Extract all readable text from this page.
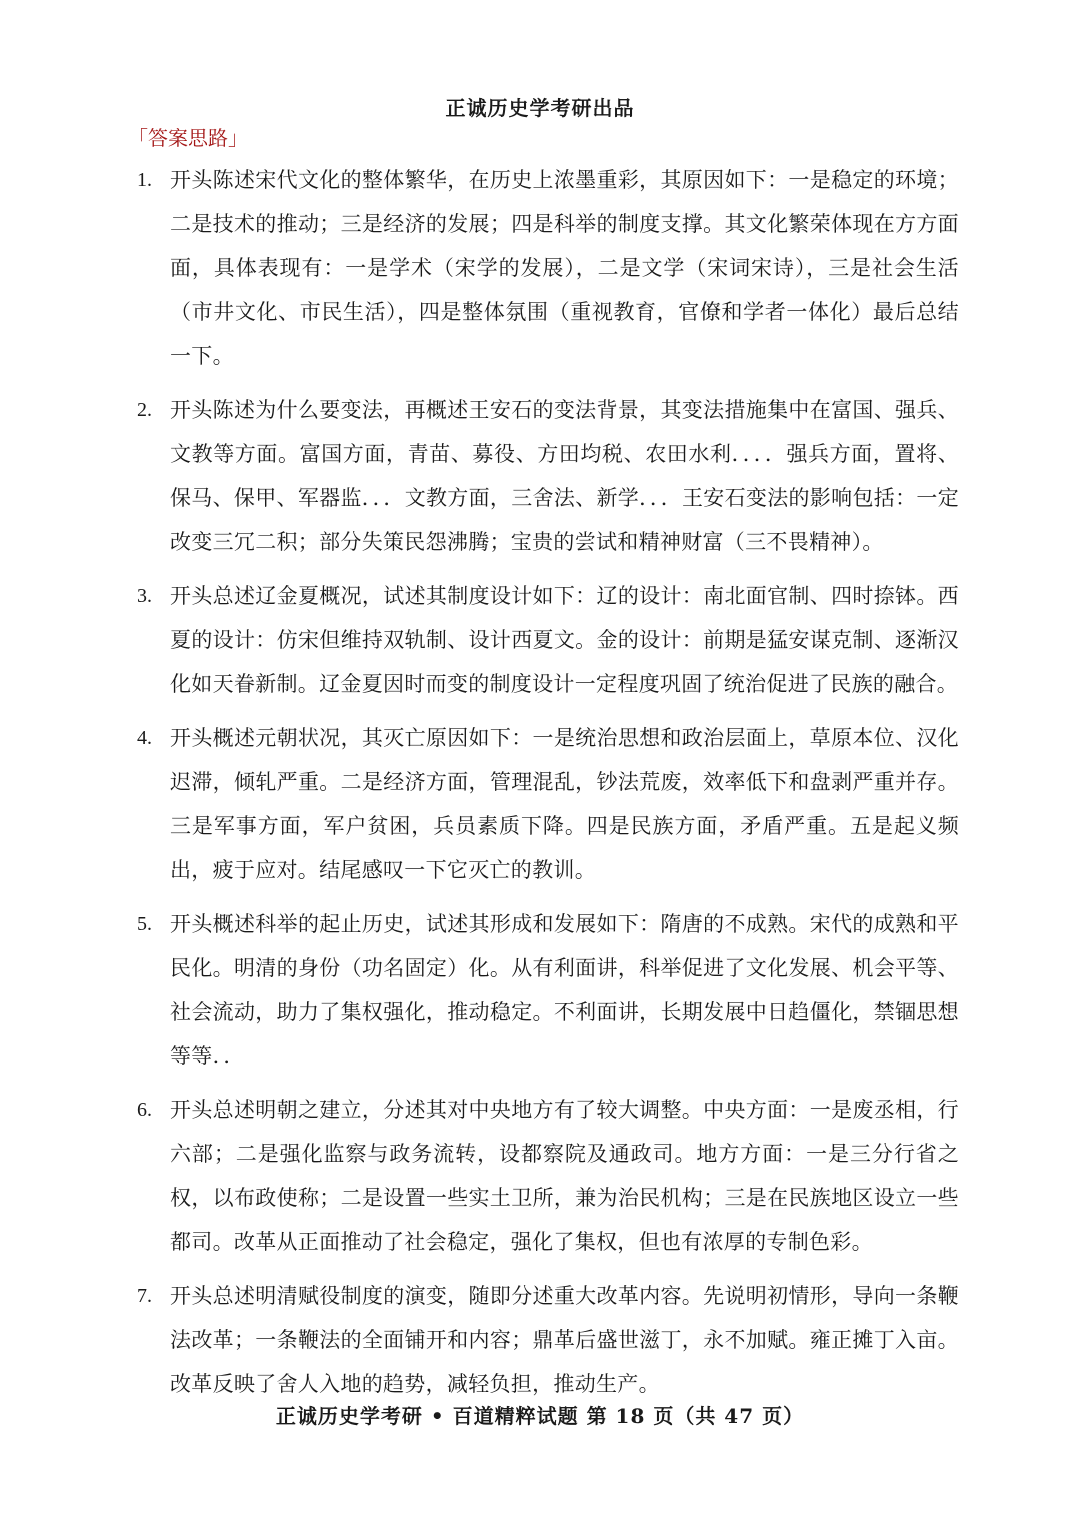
正诚历史学考研出品
「答案思路」
1. 开头陈述宋代文化的整体繁华，在历史上浓墨重彩，其原因如下：一是稳定的环境；二是技术的推动；三是经济的发展；四是科举的制度支撑。其文化繁荣体现在方方面面，具体表现有：一是学术（宋学的发展），二是文学（宋词宋诗），三是社会生活（市井文化、市民生活），四是整体氛围（重视教育，官僚和学者一体化）最后总结一下。
2. 开头陈述为什么要变法，再概述王安石的变法背景，其变法措施集中在富国、强兵、文教等方面。富国方面，青苗、募役、方田均税、农田水利．．．．强兵方面，置将、保马、保甲、军器监．．．文教方面，三舍法、新学．．．王安石变法的影响包括：一定改变三冗二积；部分失策民怨沸腾；宝贵的尝试和精神财富（三不畏精神）。
3. 开头总述辽金夏概况，试述其制度设计如下：辽的设计：南北面官制、四时捺钵。西夏的设计：仿宋但维持双轨制、设计西夏文。金的设计：前期是猛安谋克制、逐渐汉化如天眷新制。辽金夏因时而变的制度设计一定程度巩固了统治促进了民族的融合。
4. 开头概述元朝状况，其灭亡原因如下：一是统治思想和政治层面上，草原本位、汉化迟滞，倾轧严重。二是经济方面，管理混乱，钞法荒废，效率低下和盘剥严重并存。三是军事方面，军户贫困，兵员素质下降。四是民族方面，矛盾严重。五是起义频出，疲于应对。结尾感叹一下它灭亡的教训。
5. 开头概述科举的起止历史，试述其形成和发展如下：隋唐的不成熟。宋代的成熟和平民化。明清的身份（功名固定）化。从有利面讲，科举促进了文化发展、机会平等、社会流动，助力了集权强化，推动稳定。不利面讲，长期发展中日趋僵化，禁锢思想等等．．
6. 开头总述明朝之建立，分述其对中央地方有了较大调整。中央方面：一是废丞相，行六部；二是强化监察与政务流转，设都察院及通政司。地方方面：一是三分行省之权，以布政使称；二是设置一些实土卫所，兼为治民机构；三是在民族地区设立一些都司。改革从正面推动了社会稳定，强化了集权，但也有浓厚的专制色彩。
7. 开头总述明清赋役制度的演变，随即分述重大改革内容。先说明初情形，导向一条鞭法改革；一条鞭法的全面铺开和内容；鼎革后盛世滋丁，永不加赋。雍正摊丁入亩。改革反映了舍人入地的趋势，减轻负担，推动生产。
正诚历史学考研 • 百道精粹试题 第 18 页（共 47 页）
